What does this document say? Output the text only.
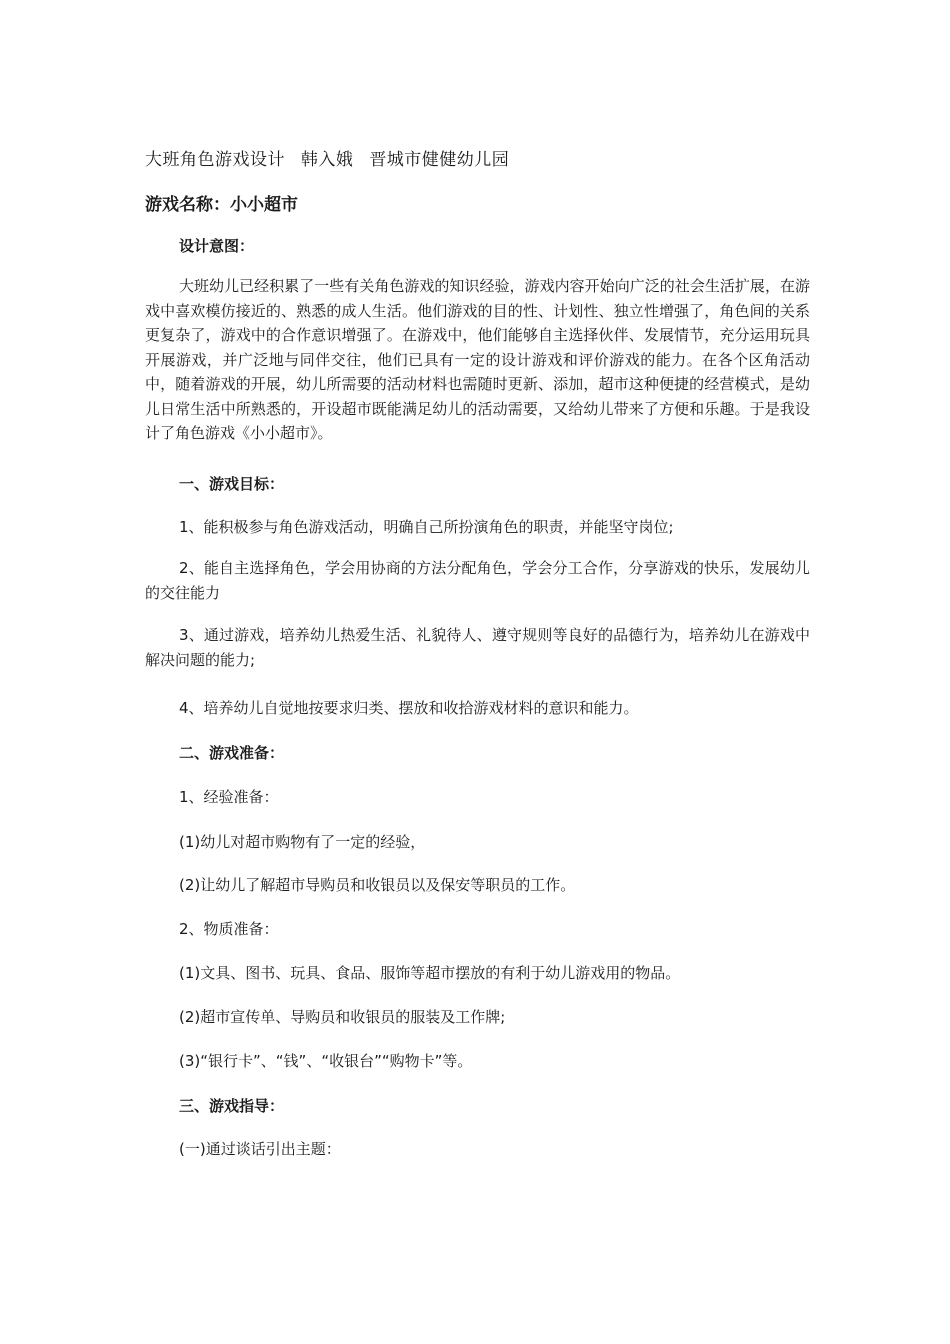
大班角色游戏设计 韩入娥 晋城市健健幼儿园
游戏名称：小小超市
设计意图：
大班幼儿已经积累了一些有关角色游戏的知识经验，游戏内容开始向广泛的社会生活扩展，在游戏中喜欢模仿接近的、熟悉的成人生活。他们游戏的目的性、计划性、独立性增强了，角色间的关系更复杂了，游戏中的合作意识增强了。在游戏中，他们能够自主选择伙伴、发展情节，充分运用玩具开展游戏，并广泛地与同伴交往，他们已具有一定的设计游戏和评价游戏的能力。在各个区角活动中，随着游戏的开展，幼儿所需要的活动材料也需随时更新、添加，超市这种便捷的经营模式，是幼儿日常生活中所熟悉的，开设超市既能满足幼儿的活动需要，又给幼儿带来了方便和乐趣。于是我设计了角色游戏《小小超市》。
一、游戏目标：
1、能积极参与角色游戏活动，明确自己所扮演角色的职责，并能坚守岗位;
2、能自主选择角色，学会用协商的方法分配角色，学会分工合作，分享游戏的快乐，发展幼儿的交往能力
3、通过游戏，培养幼儿热爱生活、礼貌待人、遵守规则等良好的品德行为，培养幼儿在游戏中解决问题的能力;
4、培养幼儿自觉地按要求归类、摆放和收拾游戏材料的意识和能力。
二、游戏准备：
1、经验准备：
(1)幼儿对超市购物有了一定的经验，
(2)让幼儿了解超市导购员和收银员以及保安等职员的工作。
2、物质准备：
(1)文具、图书、玩具、食品、服饰等超市摆放的有利于幼儿游戏用的物品。
(2)超市宣传单、导购员和收银员的服装及工作牌;
(3)“银行卡”、“钱”、“收银台”“购物卡”等。
三、游戏指导：
(一)通过谈话引出主题：
